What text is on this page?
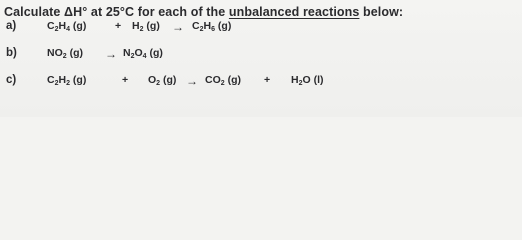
Calculate ΔH° at 25°C for each of the unbalanced reactions below:
a)	$C_2H_4$ (g)	+ $H_2$ $(g) \to C_2H_6$ (g)
b)	$NO_2$ $(g) \to N_2O_4$ (g)
c)	$C_2H_2$ (g)	+ $O_2$ $(g) \to CO_2$ $(g) + H_2O$ (l)
